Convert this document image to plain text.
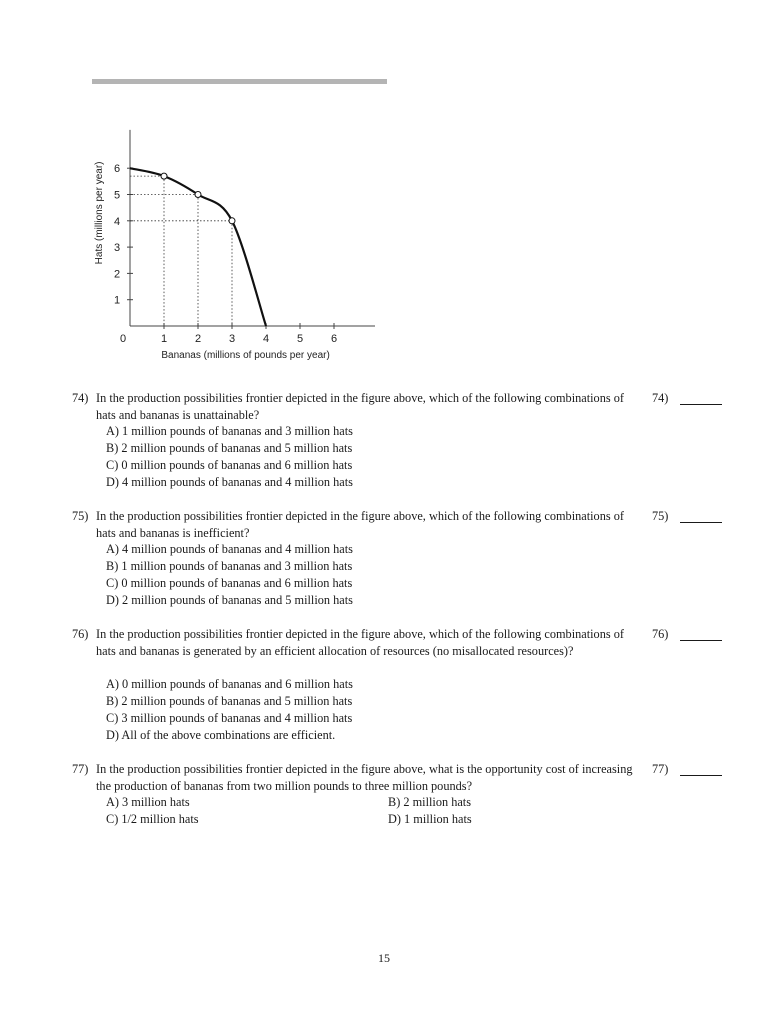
1	2	3	4	5	6
1
2
3
4
5
6
0
Bananas (millions of pounds per year)
Hats (millions per year)
74) In the production possibilities frontier depicted in the figure above, which of the following combinations of hats and bananas is unattainable?
74)
A) 1 million pounds of bananas and 3 million hats
B) 2 million pounds of bananas and 5 million hats
C) 0 million pounds of bananas and 6 million hats
D) 4 million pounds of bananas and 4 million hats
75) In the production possibilities frontier depicted in the figure above, which of the following combinations of hats and bananas is inefficient?
75)
A) 4 million pounds of bananas and 4 million hats
B) 1 million pounds of bananas and 3 million hats
C) 0 million pounds of bananas and 6 million hats
D) 2 million pounds of bananas and 5 million hats
76) In the production possibilities frontier depicted in the figure above, which of the following combinations of hats and bananas is generated by an efficient allocation of resources (no misallocated resources)?
76)
A) 0 million pounds of bananas and 6 million hats
B) 2 million pounds of bananas and 5 million hats
C) 3 million pounds of bananas and 4 million hats
D) All of the above combinations are efficient.
77) In the production possibilities frontier depicted in the figure above, what is the opportunity cost of increasing the production of bananas from two million pounds to three million pounds?
77)
A) 3 million hats	B) 2 million hats
C) 1/2 million hats	D) 1 million hats
15
